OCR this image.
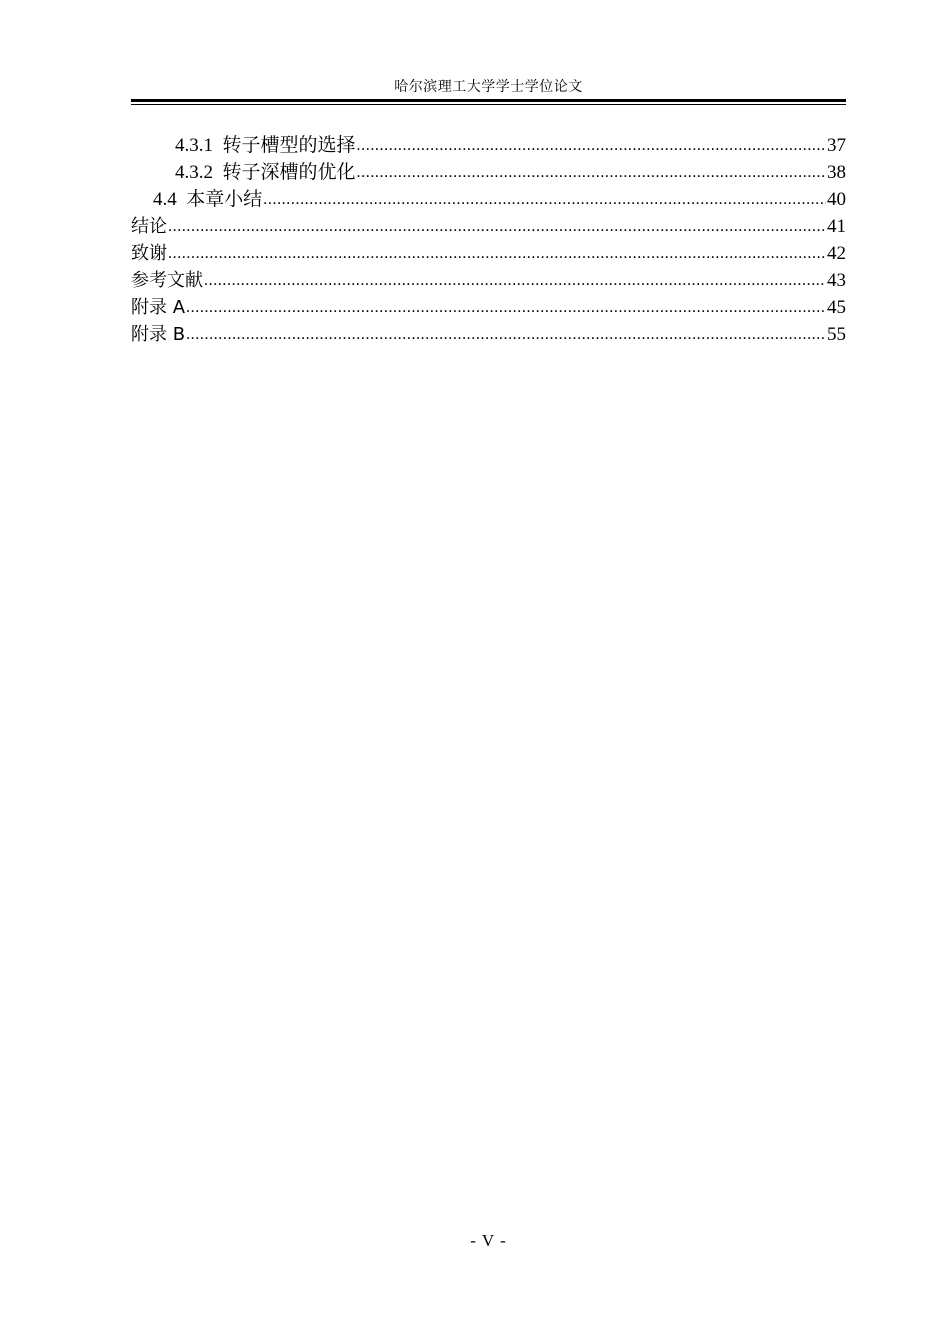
哈尔滨理工大学学士学位论文
4.3.1 转子槽型的选择 .....	37
4.3.2 转子深槽的优化 .....	38
4.4 本章小结 .....	40
结论 .....	41
致谢 .....	42
参考文献 .....	43
附录 A .....	45
附录 B .....	55
- V -
